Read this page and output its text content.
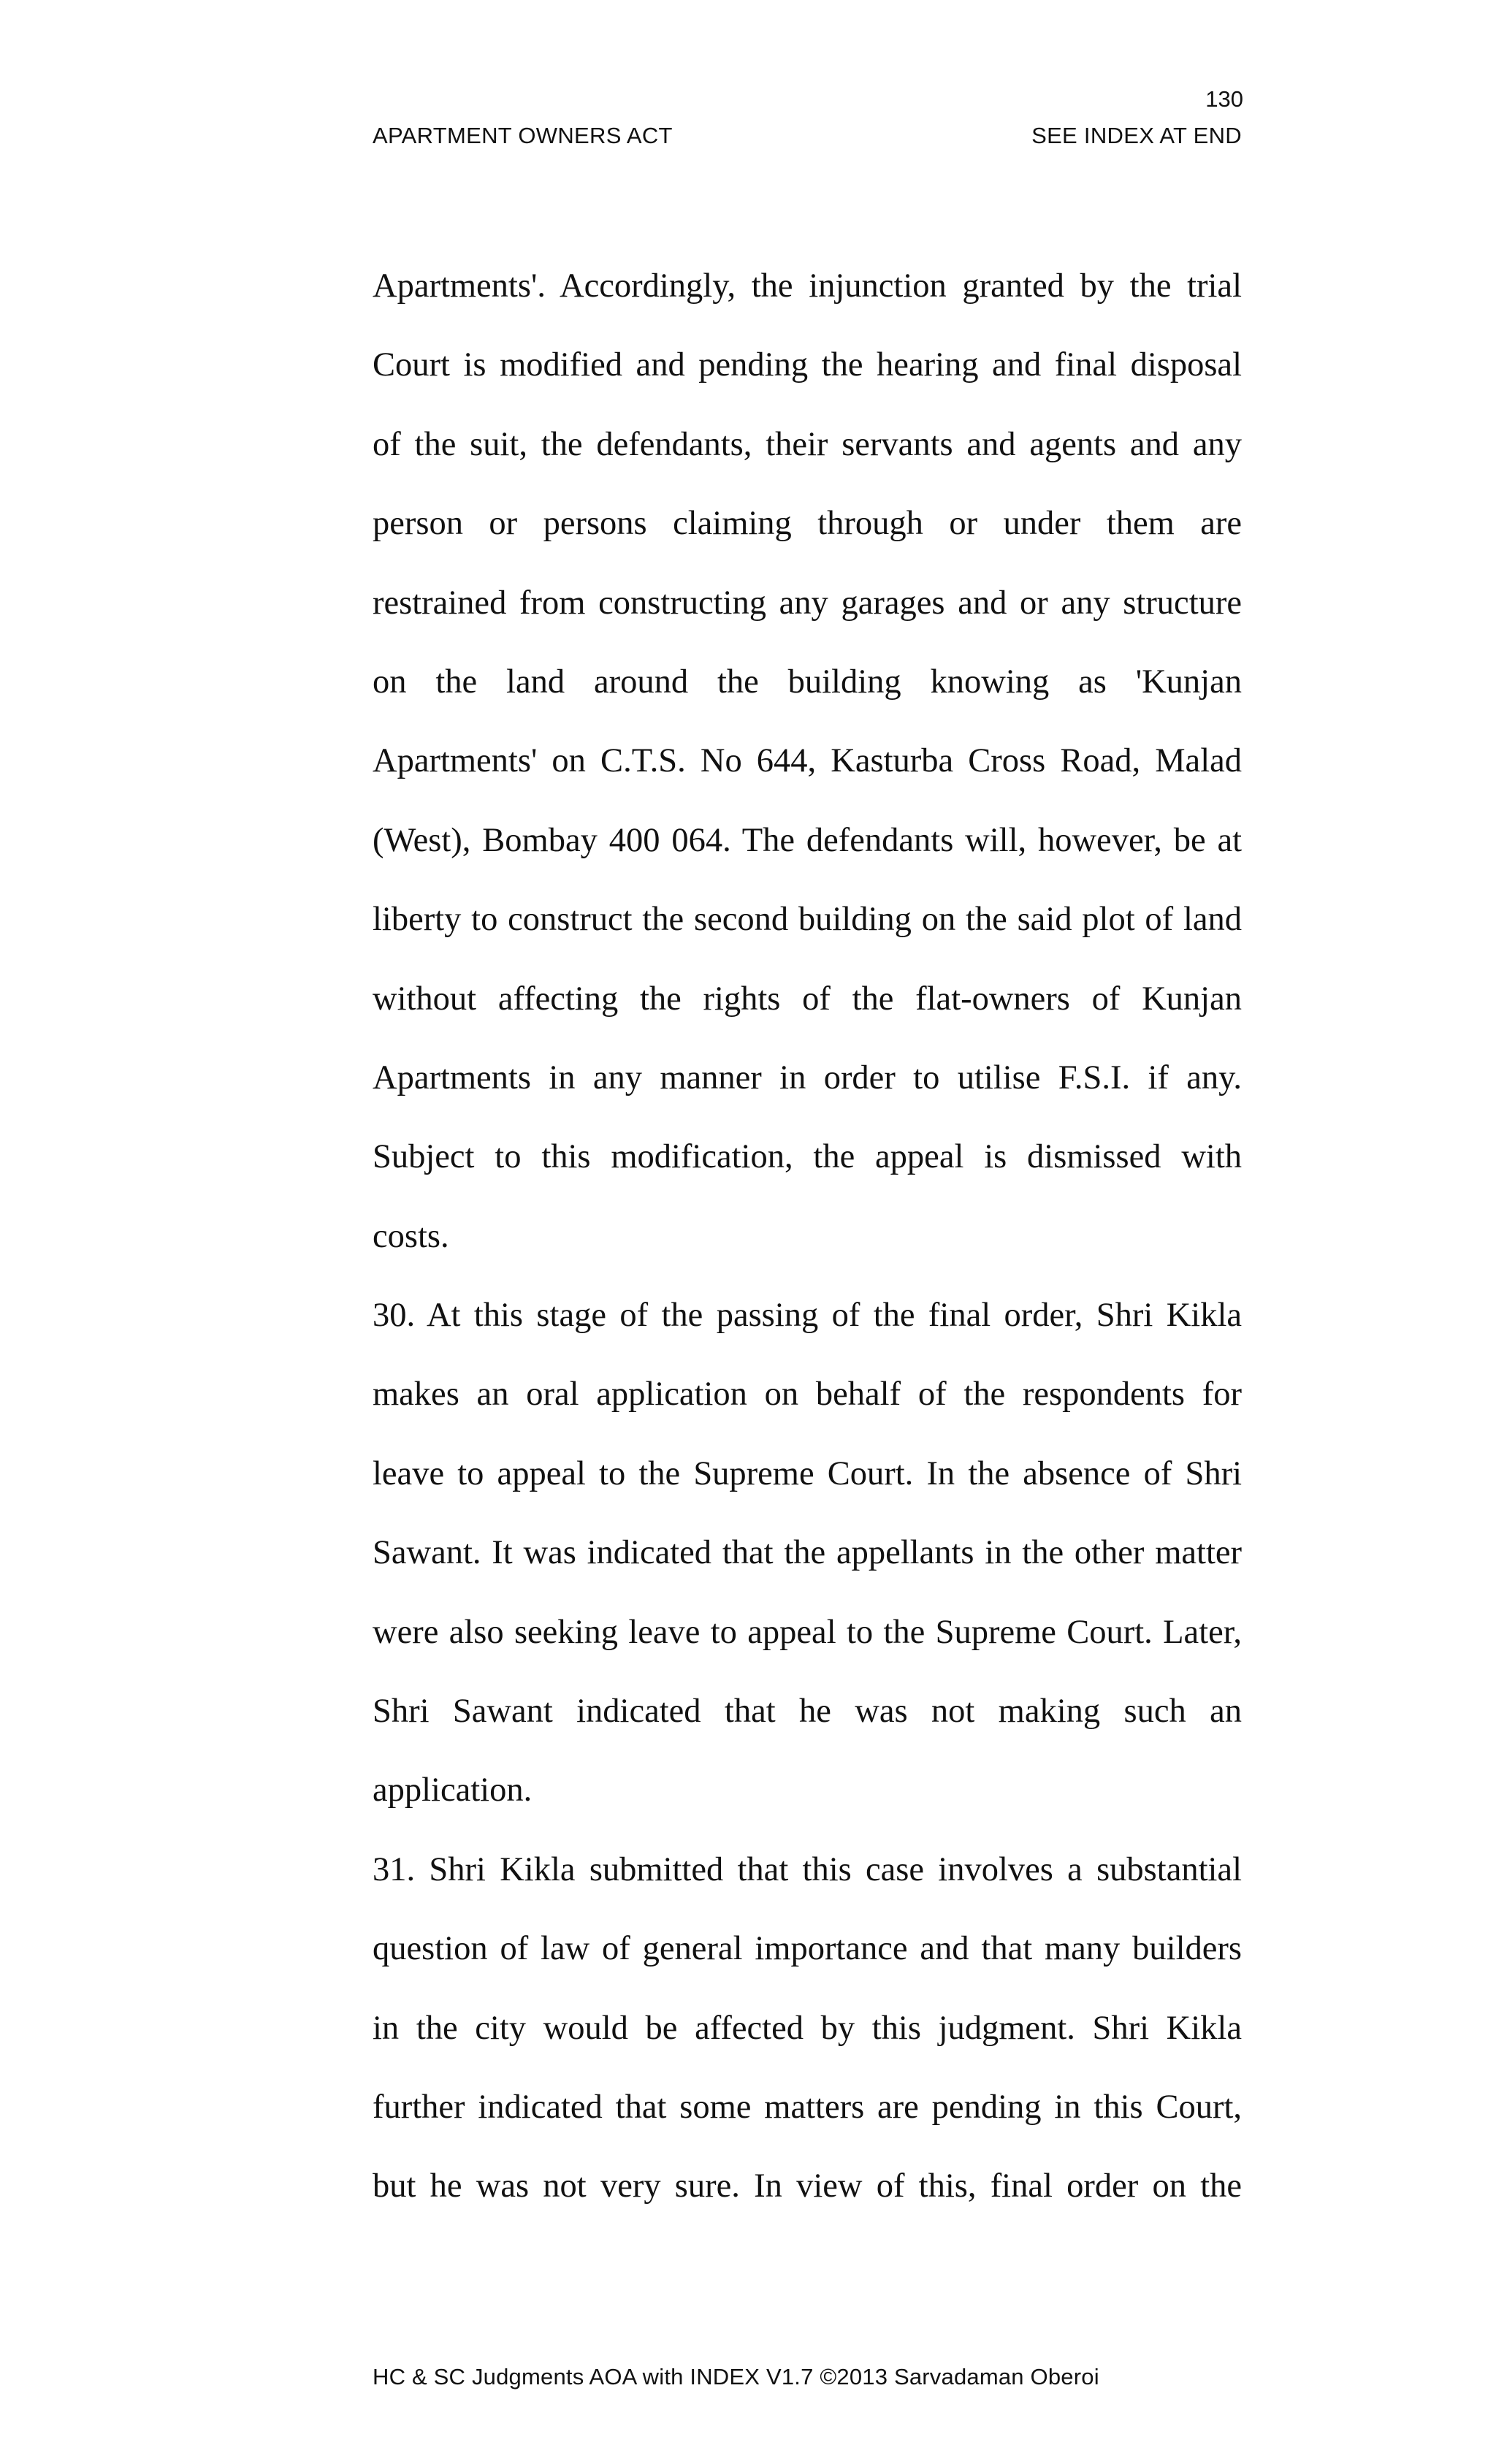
130
APARTMENT OWNERS ACT	SEE INDEX AT END
Apartments'. Accordingly, the injunction granted by the trial
Court is modified and pending the hearing and final disposal
of the suit, the defendants, their servants and agents and any
person or persons claiming through or under them are
restrained from constructing any garages and or any structure
on the land around the building knowing as 'Kunjan
Apartments' on C.T.S. No 644, Kasturba Cross Road, Malad
(West), Bombay 400 064. The defendants will, however, be at
liberty to construct the second building on the said plot of land
without affecting the rights of the flat-owners of Kunjan
Apartments in any manner in order to utilise F.S.I. if any.
Subject to this modification, the appeal is dismissed with
costs.
30. At this stage of the passing of the final order, Shri Kikla
makes an oral application on behalf of the respondents for
leave to appeal to the Supreme Court. In the absence of Shri
Sawant. It was indicated that the appellants in the other matter
were also seeking leave to appeal to the Supreme Court. Later,
Shri Sawant indicated that he was not making such an
application.
31. Shri Kikla submitted that this case involves a substantial
question of law of general importance and that many builders
in the city would be affected by this judgment. Shri Kikla
further indicated that some matters are pending in this Court,
but he was not very sure. In view of this, final order on the
HC & SC Judgments AOA with INDEX V1.7 ©2013 Sarvadaman Oberoi
